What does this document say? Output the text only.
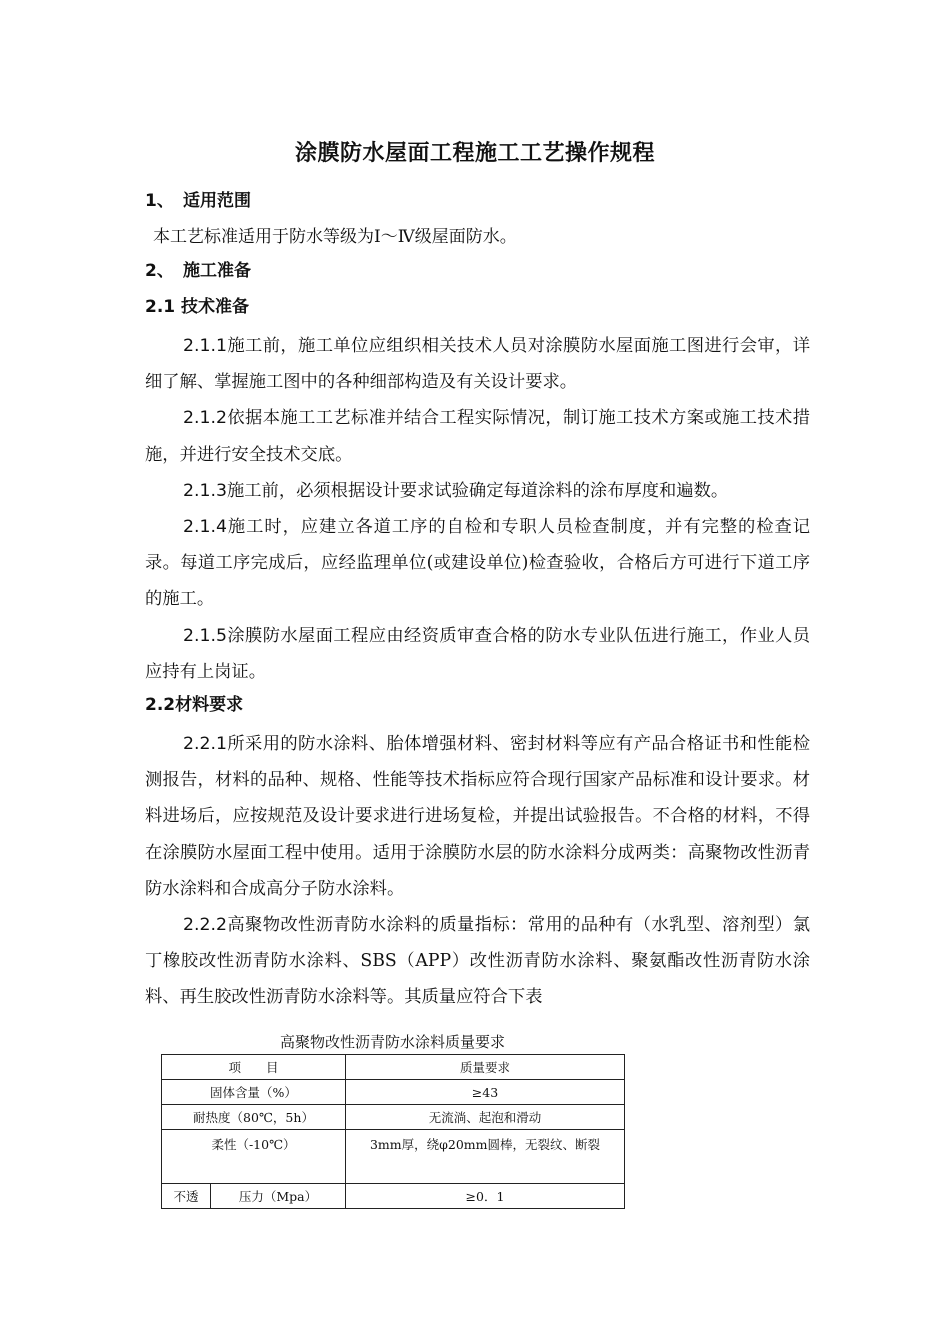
涂膜防水屋面工程施工工艺操作规程
1、 适用范围
本工艺标准适用于防水等级为Ⅰ～Ⅳ级屋面防水。
2、 施工准备
2.1 技术准备

2.1.1施工前，施工单位应组织相关技术人员对涂膜防水屋面施工图进行会审，详细了解、掌握施工图中的各种细部构造及有关设计要求。

2.1.2依据本施工工艺标准并结合工程实际情况，制订施工技术方案或施工技术措施，并进行安全技术交底。

2.1.3施工前，必须根据设计要求试验确定每道涂料的涂布厚度和遍数。

2.1.4施工时，应建立各道工序的自检和专职人员检查制度，并有完整的检查记录。每道工序完成后，应经监理单位(或建设单位)检查验收，合格后方可进行下道工序的施工。

2.1.5涂膜防水屋面工程应由经资质审查合格的防水专业队伍进行施工，作业人员应持有上岗证。

2.2材料要求

2.2.1所采用的防水涂料、胎体增强材料、密封材料等应有产品合格证书和性能检测报告，材料的品种、规格、性能等技术指标应符合现行国家产品标准和设计要求。材料进场后，应按规范及设计要求进行进场复检，并提出试验报告。不合格的材料，不得在涂膜防水屋面工程中使用。适用于涂膜防水层的防水涂料分成两类：高聚物改性沥青防水涂料和合成高分子防水涂料。

2.2.2高聚物改性沥青防水涂料的质量指标：常用的品种有（水乳型、溶剂型）氯丁橡胶改性沥青防水涂料、SBS（APP）改性沥青防水涂料、聚氨酯改性沥青防水涂料、再生胶改性沥青防水涂料等。其质量应符合下表

高聚物改性沥青防水涂料质量要求
项　　目		质量要求
固体含量（%）		≥43
耐热度（80℃，5h）		无流淌、起泡和滑动
柔性（-10℃）		3mm厚，绕φ20mm圆棒，无裂纹、断裂
不透	压力（Mpa）	≥0．1
